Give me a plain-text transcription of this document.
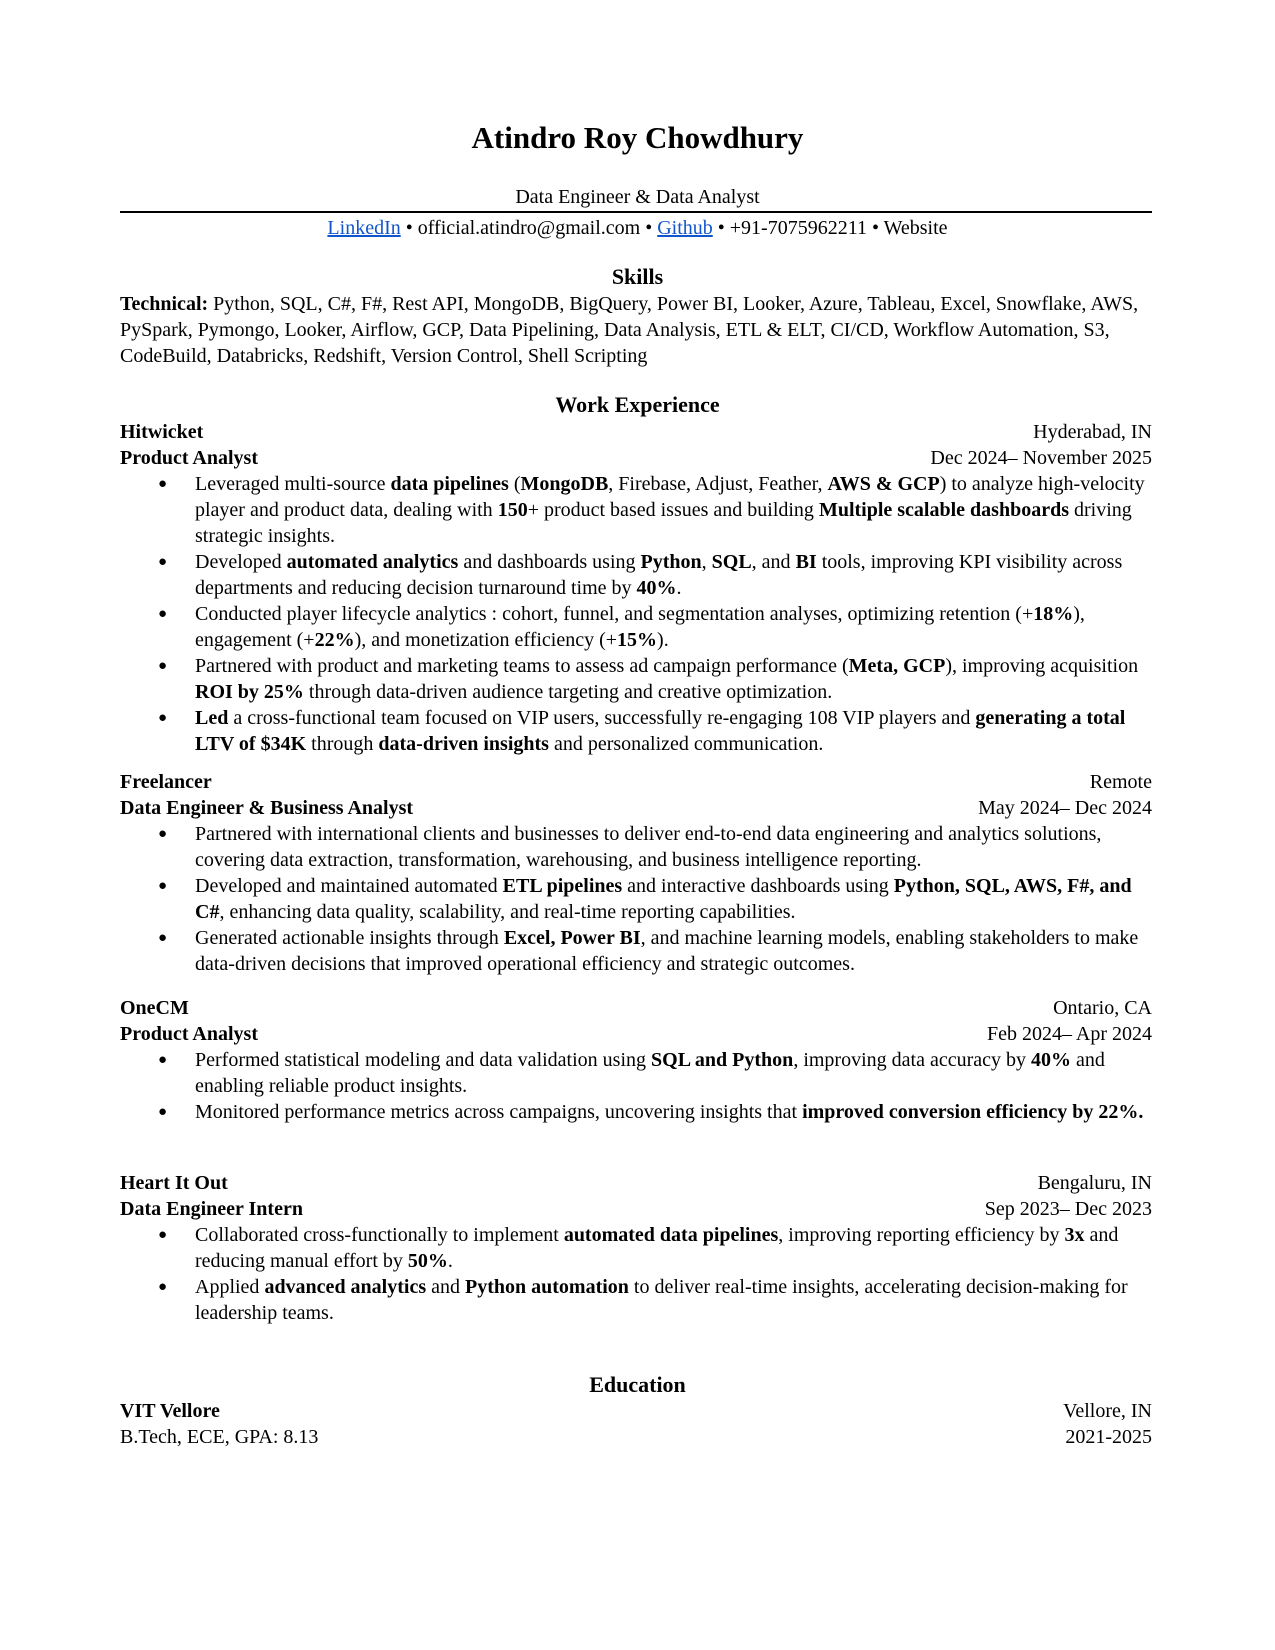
Atindro Roy Chowdhury
Data Engineer & Data Analyst
LinkedIn • official.atindro@gmail.com • Github • +91-7075962211 • Website
Skills
Technical: Python, SQL, C#, F#, Rest API, MongoDB, BigQuery, Power BI, Looker, Azure, Tableau, Excel, Snowflake, AWS, PySpark, Pymongo, Looker, Airflow, GCP, Data Pipelining, Data Analysis, ETL & ELT, CI/CD, Workflow Automation, S3, CodeBuild, Databricks, Redshift, Version Control, Shell Scripting
Work Experience
Hitwicket	Hyderabad, IN
Product Analyst	Dec 2024– November 2025
● Leveraged multi-source data pipelines (MongoDB, Firebase, Adjust, Feather, AWS & GCP) to analyze high-velocity player and product data, dealing with 150+ product based issues and building Multiple scalable dashboards driving strategic insights.
● Developed automated analytics and dashboards using Python, SQL, and BI tools, improving KPI visibility across departments and reducing decision turnaround time by 40%.
● Conducted player lifecycle analytics : cohort, funnel, and segmentation analyses, optimizing retention (+18%), engagement (+22%), and monetization efficiency (+15%).
● Partnered with product and marketing teams to assess ad campaign performance (Meta, GCP), improving acquisition ROI by 25% through data-driven audience targeting and creative optimization.
● Led a cross-functional team focused on VIP users, successfully re-engaging 108 VIP players and generating a total LTV of $34K through data-driven insights and personalized communication.
Freelancer	Remote
Data Engineer & Business Analyst	May 2024– Dec 2024
● Partnered with international clients and businesses to deliver end-to-end data engineering and analytics solutions, covering data extraction, transformation, warehousing, and business intelligence reporting.
● Developed and maintained automated ETL pipelines and interactive dashboards using Python, SQL, AWS, F#, and C#, enhancing data quality, scalability, and real-time reporting capabilities.
● Generated actionable insights through Excel, Power BI, and machine learning models, enabling stakeholders to make data-driven decisions that improved operational efficiency and strategic outcomes.
OneCM	Ontario, CA
Product Analyst	Feb 2024– Apr 2024
● Performed statistical modeling and data validation using SQL and Python, improving data accuracy by 40% and enabling reliable product insights.
● Monitored performance metrics across campaigns, uncovering insights that improved conversion efficiency by 22%.
Heart It Out	Bengaluru, IN
Data Engineer Intern	Sep 2023– Dec 2023
● Collaborated cross-functionally to implement automated data pipelines, improving reporting efficiency by 3x and reducing manual effort by 50%.
● Applied advanced analytics and Python automation to deliver real-time insights, accelerating decision-making for leadership teams.
Education
VIT Vellore	Vellore, IN
B.Tech, ECE, GPA: 8.13	2021-2025
